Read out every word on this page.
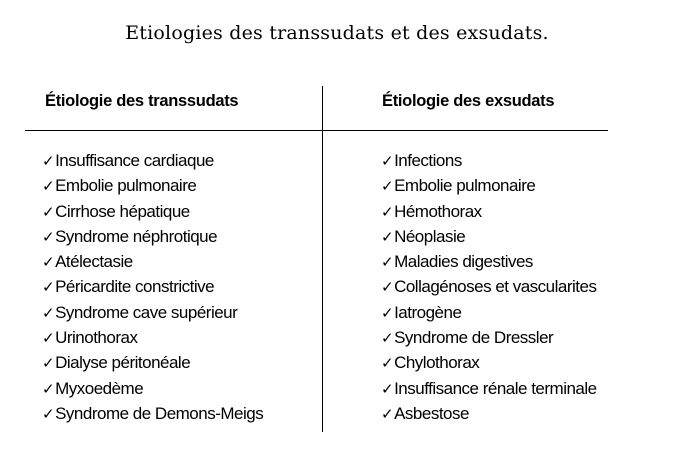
Etiologies des transsudats et des exsudats.
Étiologie des transsudats	Étiologie des exsudats
✓Insuffisance cardiaque
✓Embolie pulmonaire
✓Cirrhose hépatique
✓Syndrome néphrotique
✓Atélectasie
✓Péricardite constrictive
✓Syndrome cave supérieur
✓Urinothorax
✓Dialyse péritonéale
✓Myxoedème
✓Syndrome de Demons-Meigs
✓Infections
✓Embolie pulmonaire
✓Hémothorax
✓Néoplasie
✓Maladies digestives
✓Collagénoses et vascularites
✓Iatrogène
✓Syndrome de Dressler
✓Chylothorax
✓Insuffisance rénale terminale
✓Asbestose
